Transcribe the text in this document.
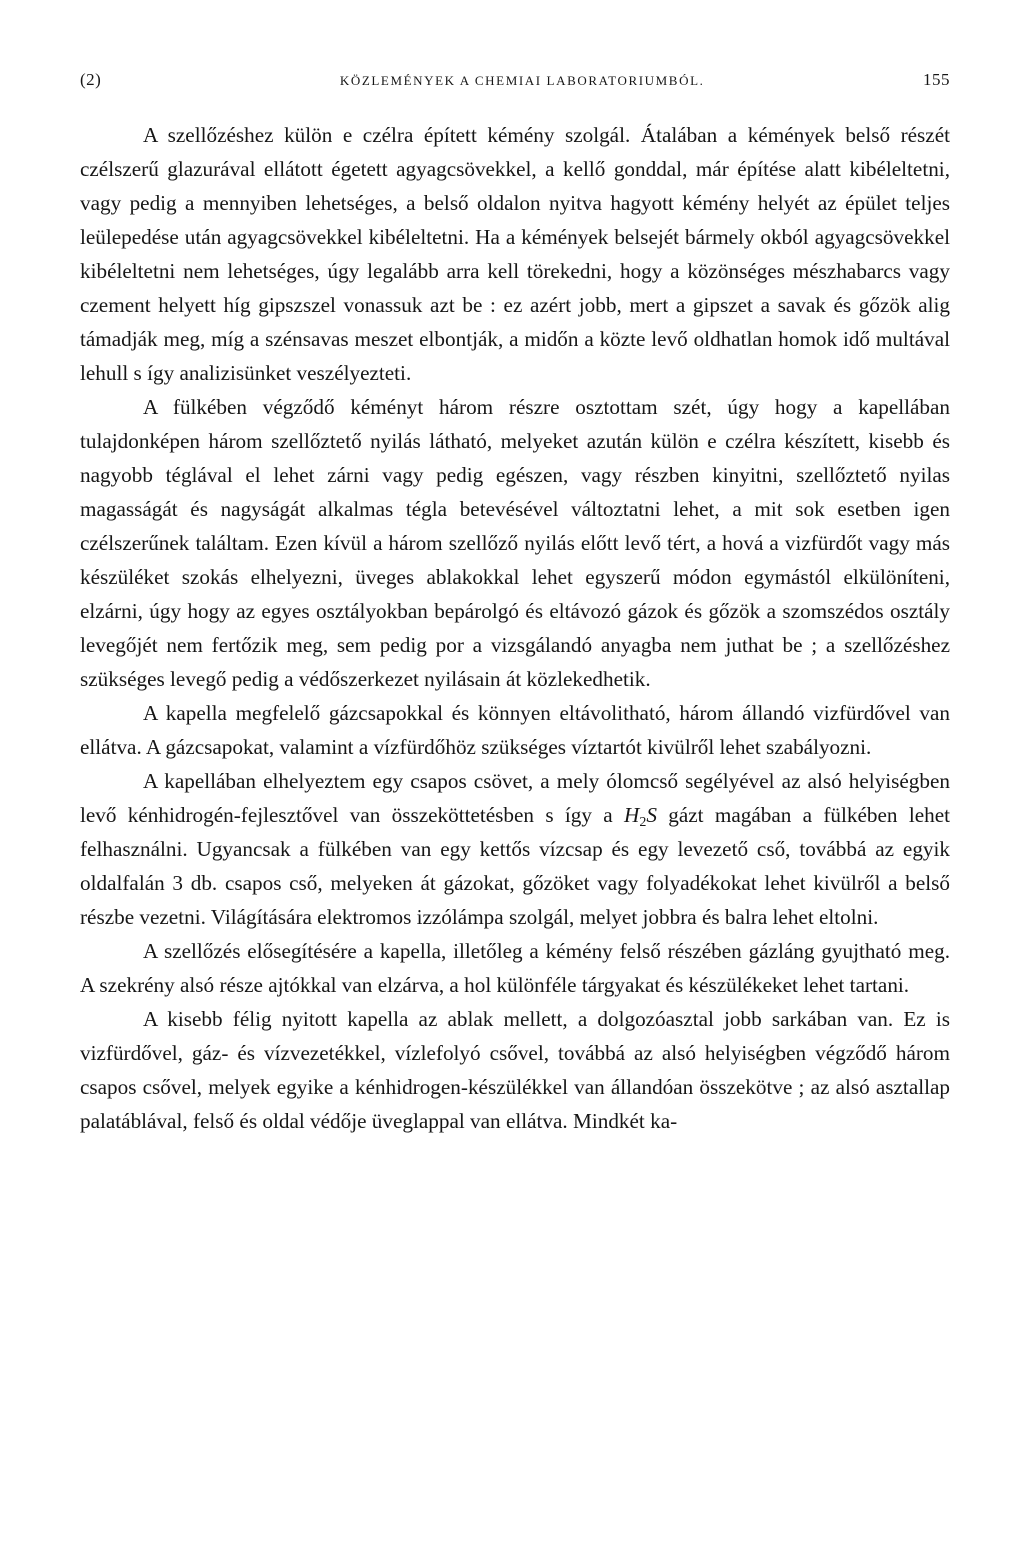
(2)	KÖZLEMÉNYEK A CHEMIAI LABORATORIUMBÓL.	155

A szellőzéshez külön e czélra épített kémény szolgál. Átalában a kémények belső részét czélszerű glazurával ellátott égetett agyagcsövekkel, a kellő gonddal, már építése alatt kibéleltetni, vagy pedig a mennyiben lehetséges, a belső oldalon nyitva hagyott kémény helyét az épület teljes leülepedése után agyagcsövekkel kibéleltetni. Ha a kémények belsejét bármely okból agyagcsövekkel kibéleltetni nem lehetséges, úgy legalább arra kell törekedni, hogy a közönséges mészhabarcs vagy czement helyett híg gipszszel vonassuk azt be : ez azért jobb, mert a gipszet a savak és gőzök alig támadják meg, míg a szénsavas meszet elbontják, a midőn a közte levő oldhatlan homok idő multával lehull s így analizisünket veszélyezteti.

A fülkében végződő kéményt három részre osztottam szét, úgy hogy a kapellában tulajdonképen három szellőztető nyilás látható, melyeket azután külön e czélra készített, kisebb és nagyobb téglával el lehet zárni vagy pedig egészen, vagy részben kinyitni, szellőztető nyilas magasságát és nagyságát alkalmas tégla betevésével változtatni lehet, a mit sok esetben igen czélszerűnek találtam. Ezen kívül a három szellőző nyilás előtt levő tért, a hová a vizfürdőt vagy más készüléket szokás elhelyezni, üveges ablakokkal lehet egyszerű módon egymástól elkülöníteni, elzárni, úgy hogy az egyes osztályokban bepárolgó és eltávozó gázok és gőzök a szomszédos osztály levegőjét nem fertőzik meg, sem pedig por a vizsgálandó anyagba nem juthat be ; a szellőzéshez szükséges levegő pedig a védőszerkezet nyilásain át közlekedhetik.

A kapella megfelelő gázcsapokkal és könnyen eltávolitható, három állandó vizfürdővel van ellátva. A gázcsapokat, valamint a vízfürdőhöz szükséges víztartót kivülről lehet szabályozni.

A kapellában elhelyeztem egy csapos csövet, a mely ólomcső segélyével az alsó helyiségben levő kénhidrogén-fejlesztővel van összeköttetésben s így a $H_2S$ gázt magában a fülkében lehet felhasználni. Ugyancsak a fülkében van egy kettős vízcsap és egy levezető cső, továbbá az egyik oldalfalán 3 db. csapos cső, melyeken át gázokat, gőzöket vagy folyadékokat lehet kivülről a belső részbe vezetni. Világítására elektromos izzólámpa szolgál, melyet jobbra és balra lehet eltolni.

A szellőzés elősegítésére a kapella, illetőleg a kémény felső részében gázláng gyujtható meg. A szekrény alsó része ajtókkal van elzárva, a hol különféle tárgyakat és készülékeket lehet tartani.

A kisebb félig nyitott kapella az ablak mellett, a dolgozóasztal jobb sarkában van. Ez is vizfürdővel, gáz- és vízvezetékkel, vízlefolyó csővel, továbbá az alsó helyiségben végződő három csapos csővel, melyek egyike a kénhidrogen-készülékkel van állandóan összekötve ; az alsó asztallap palatáblával, felső és oldal védője üveglappal van ellátva. Mindkét ka-
